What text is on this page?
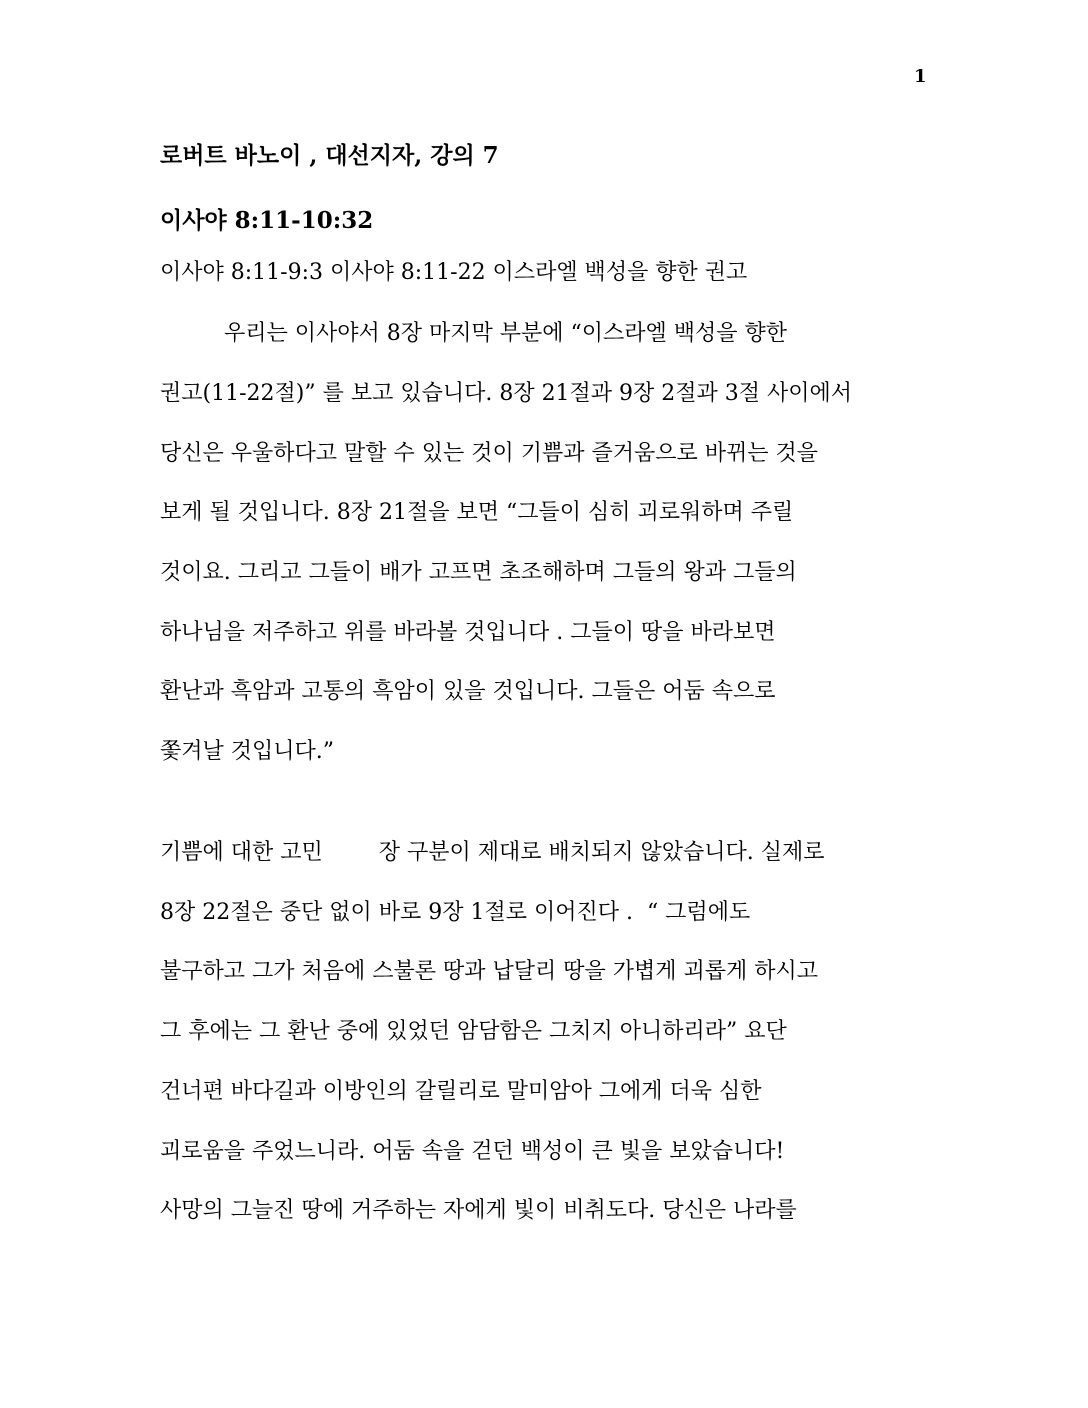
1
로버트 바노이 , 대선지자, 강의 7
이사야 8:11-10:32
이사야 8:11-9:3 이사야 8:11-22 이스라엘 백성을 향한 권고
우리는 이사야서 8장 마지막 부분에 “이스라엘 백성을 향한
권고(11-22절)” 를 보고 있습니다. 8장 21절과 9장 2절과 3절 사이에서
당신은 우울하다고 말할 수 있는 것이 기쁨과 즐거움으로 바뀌는 것을
보게 될 것입니다. 8장 21절을 보면 “그들이 심히 괴로워하며 주릴
것이요. 그리고 그들이 배가 고프면 초조해하며 그들의 왕과 그들의
하나님을 저주하고 위를 바라볼 것입니다 . 그들이 땅을 바라보면
환난과 흑암과 고통의 흑암이 있을 것입니다. 그들은 어둠 속으로
쫓겨날 것입니다.”
기쁨에 대한 고민        장 구분이 제대로 배치되지 않았습니다. 실제로
8장 22절은 중단 없이 바로 9장 1절로 이어진다 .  “ 그럼에도
불구하고 그가 처음에 스불론 땅과 납달리 땅을 가볍게 괴롭게 하시고
그 후에는 그 환난 중에 있었던 암담함은 그치지 아니하리라” 요단
건너편 바다길과 이방인의 갈릴리로 말미암아 그에게 더욱 심한
괴로움을 주었느니라. 어둠 속을 걷던 백성이 큰 빛을 보았습니다!
사망의 그늘진 땅에 거주하는 자에게 빛이 비취도다. 당신은 나라를
